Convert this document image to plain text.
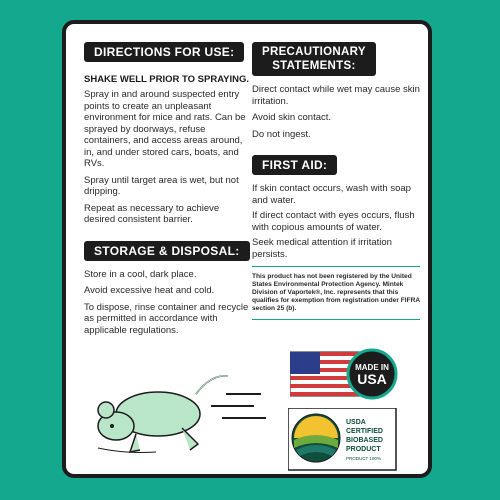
DIRECTIONS FOR USE:
SHAKE WELL PRIOR TO SPRAYING.

Spray in and around suspected entry points to create an unpleasant environment for mice and rats. Can be sprayed by doorways, refuse containers, and access areas around, in, and under stored cars, boats, and RVs.

Spray until target area is wet, but not dripping.

Repeat as necessary to achieve desired consistent barrier.

STORAGE & DISPOSAL:

Store in a cool, dark place.

Avoid excessive heat and cold.

To dispose, rinse container and recycle as permitted in accordance with applicable regulations.

PRECAUTIONARY
STATEMENTS:

Direct contact while wet may cause skin irritation.

Avoid skin contact.

Do not ingest.

FIRST AID:

If skin contact occurs, wash with soap and water.

If direct contact with eyes occurs, flush with copious amounts of water.

Seek medical attention if irritation persists.

This product has not been registered by the United States Environmental Protection Agency. Mintek Division of Vaportek®, Inc. represents that this qualifies for exemption from registration under FIFRA section 25 (b).
MADE IN
USA
USDA
CERTIFIED
BIOBASED
PRODUCT
PRODUCT 100%
